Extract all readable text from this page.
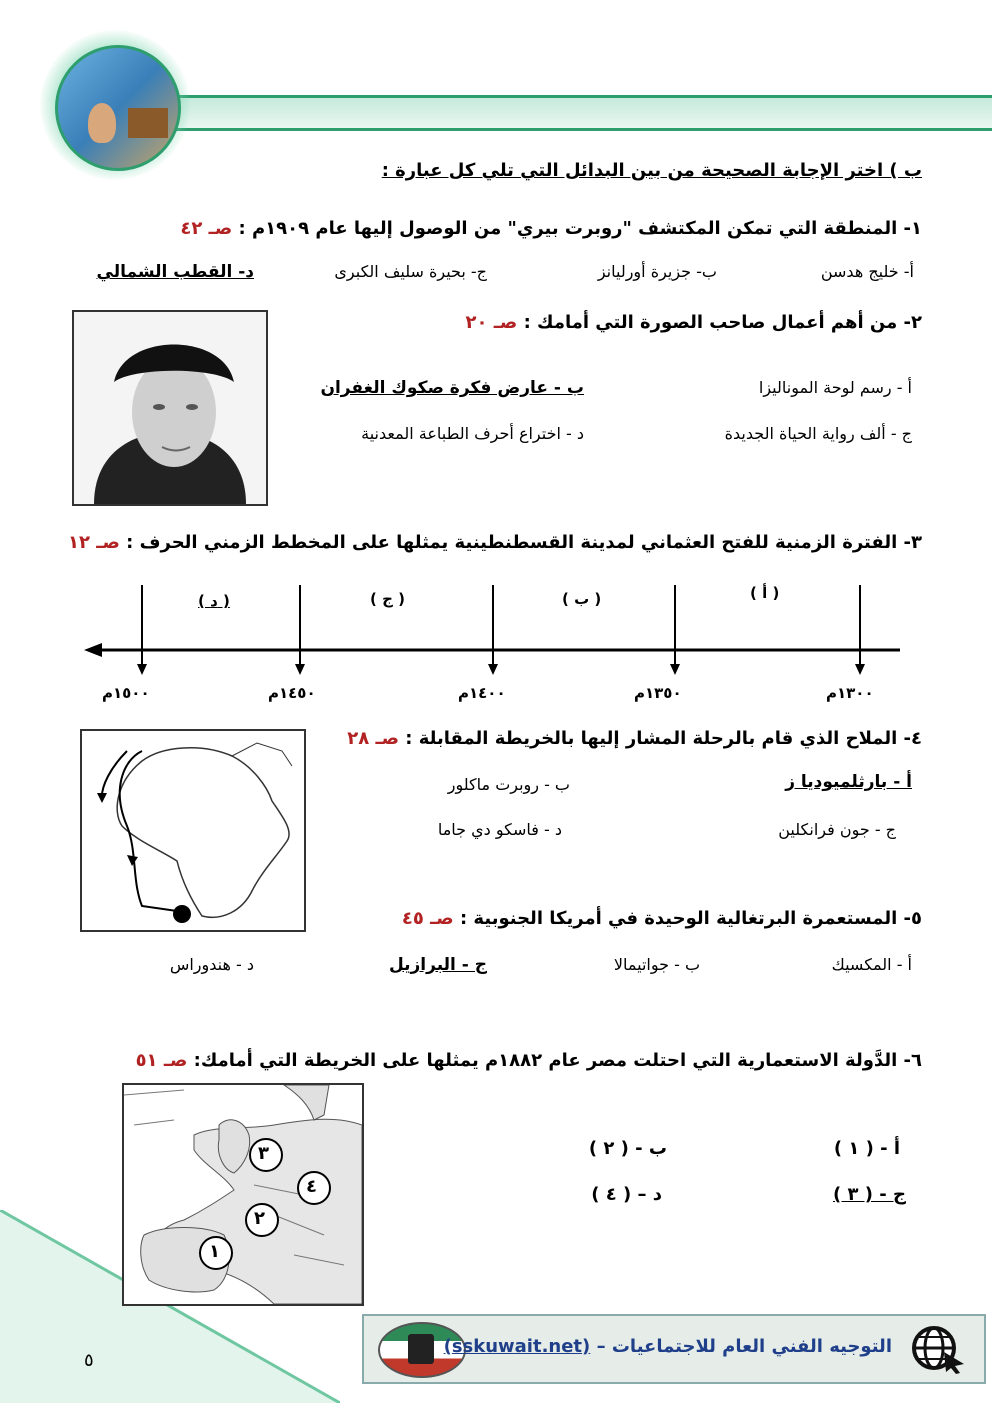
ب ) اختر الإجابة الصحيحة من بين البدائل التي تلي كل عبارة :
١- المنطقة التي تمكن المكتشف "روبرت بيري" من الوصول إليها عام ١٩٠٩م : صـ ٤٢
أ- خليج هدسن
ب- جزيرة أورليانز
ج- بحيرة سليف الكبرى
د- القطب الشمالي
٢- من أهم أعمال صاحب الصورة التي أمامك : صـ ٢٠
أ - رسم لوحة الموناليزا
ب - عارض فكرة صكوك الغفران
ج - ألف رواية الحياة الجديدة
د - اختراع أحرف الطباعة المعدنية
٣- الفترة الزمنية للفتح العثماني لمدينة القسطنطينية يمثلها على المخطط الزمني الحرف : صـ ١٢
( أ )
( ب )
( ج )
( د )
١٣٠٠م
١٣٥٠م
١٤٠٠م
١٤٥٠م
١٥٠٠م
٤- الملاح الذي قام بالرحلة المشار إليها بالخريطة المقابلة : صـ ٢٨
أ - بارثلميوديا ز
ب - روبرت ماكلور
ج - جون فرانكلين
د - فاسكو دي جاما
٥- المستعمرة البرتغالية الوحيدة في أمريكا الجنوبية : صـ ٤٥
أ - المكسيك
ب - جواتيمالا
ج - البرازيل
د - هندوراس
٦- الدَّولة الاستعمارية التي احتلت مصر عام ١٨٨٢م يمثلها على الخريطة التي أمامك: صـ ٥١
٣
٤
٢
١
أ - ( ١ )
ب - ( ٢ )
ج - ( ٣ )
د – ( ٤ )
التوجيه الفني العام للاجتماعيات – (sskuwait.net)
٥
